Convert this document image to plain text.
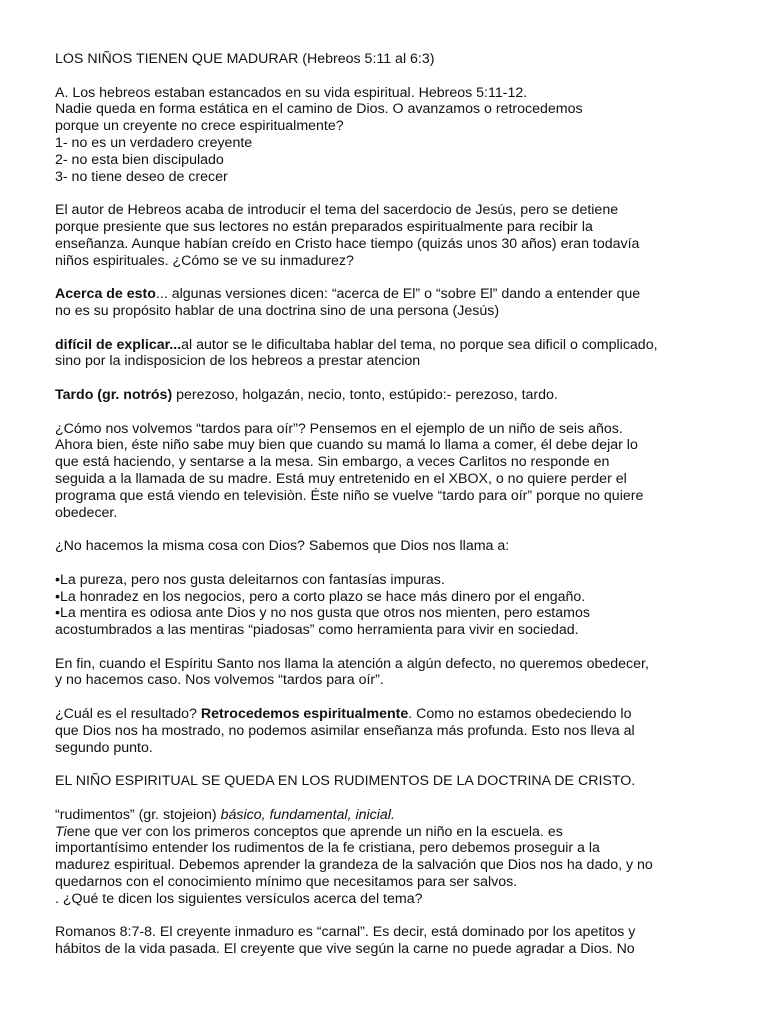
LOS NIÑOS TIENEN QUE MADURAR (Hebreos 5:11 al 6:3)
A. Los hebreos estaban estancados en su vida espiritual. Hebreos 5:11-12.
Nadie queda en forma estática en el camino de Dios. O avanzamos o retrocedemos
porque un creyente no crece espiritualmente?
1- no es un verdadero creyente
2- no esta bien discipulado
3- no tiene deseo de crecer
El autor de Hebreos acaba de introducir el tema del sacerdocio de Jesús, pero se detiene
porque presiente que sus lectores no están preparados espiritualmente para recibir la
enseñanza. Aunque habían creído en Cristo hace tiempo (quizás unos 30 años) eran todavía
niños espirituales. ¿Cómo se ve su inmadurez?
Acerca de esto... algunas versiones dicen: “acerca de El” o “sobre El” dando a entender que
no es su propósito hablar de una doctrina sino de una persona (Jesús)
difícil de explicar...al autor se le dificultaba hablar del tema, no porque sea dificil o complicado,
sino por la indisposicion de los hebreos a prestar atencion
Tardo (gr. notrós) perezoso, holgazán, necio, tonto, estúpido:- perezoso, tardo.
¿Cómo nos volvemos “tardos para oír”? Pensemos en el ejemplo de un niño de seis años.
Ahora bien, éste niño sabe muy bien que cuando su mamá lo llama a comer, él debe dejar lo
que está haciendo, y sentarse a la mesa. Sin embargo, a veces Carlitos no responde en
seguida a la llamada de su madre. Está muy entretenido en el XBOX, o no quiere perder el
programa que está viendo en televisiòn. Éste niño se vuelve “tardo para oír” porque no quiere
obedecer.
¿No hacemos la misma cosa con Dios? Sabemos que Dios nos llama a:
•La pureza, pero nos gusta deleitarnos con fantasías impuras.
•La honradez en los negocios, pero a corto plazo se hace más dinero por el engaño.
•La mentira es odiosa ante Dios y no nos gusta que otros nos mienten, pero estamos
acostumbrados a las mentiras “piadosas” como herramienta para vivir en sociedad.
En fin, cuando el Espíritu Santo nos llama la atención a algún defecto, no queremos obedecer,
y no hacemos caso. Nos volvemos “tardos para oír”.
¿Cuál es el resultado? Retrocedemos espiritualmente. Como no estamos obedeciendo lo
que Dios nos ha mostrado, no podemos asimilar enseñanza más profunda. Esto nos lleva al
segundo punto.
EL NIÑO ESPIRITUAL SE QUEDA EN LOS RUDIMENTOS DE LA DOCTRINA DE CRISTO.
“rudimentos” (gr. stojeion) básico, fundamental, inicial.
Tiene que ver con los primeros conceptos que aprende un niño en la escuela. es
importantísimo entender los rudimentos de la fe cristiana, pero debemos proseguir a la
madurez espiritual. Debemos aprender la grandeza de la salvación que Dios nos ha dado, y no
quedarnos con el conocimiento mínimo que necesitamos para ser salvos.
. ¿Qué te dicen los siguientes versículos acerca del tema?
Romanos 8:7-8. El creyente inmaduro es “carnal”. Es decir, está dominado por los apetitos y
hábitos de la vida pasada. El creyente que vive según la carne no puede agradar a Dios. No
